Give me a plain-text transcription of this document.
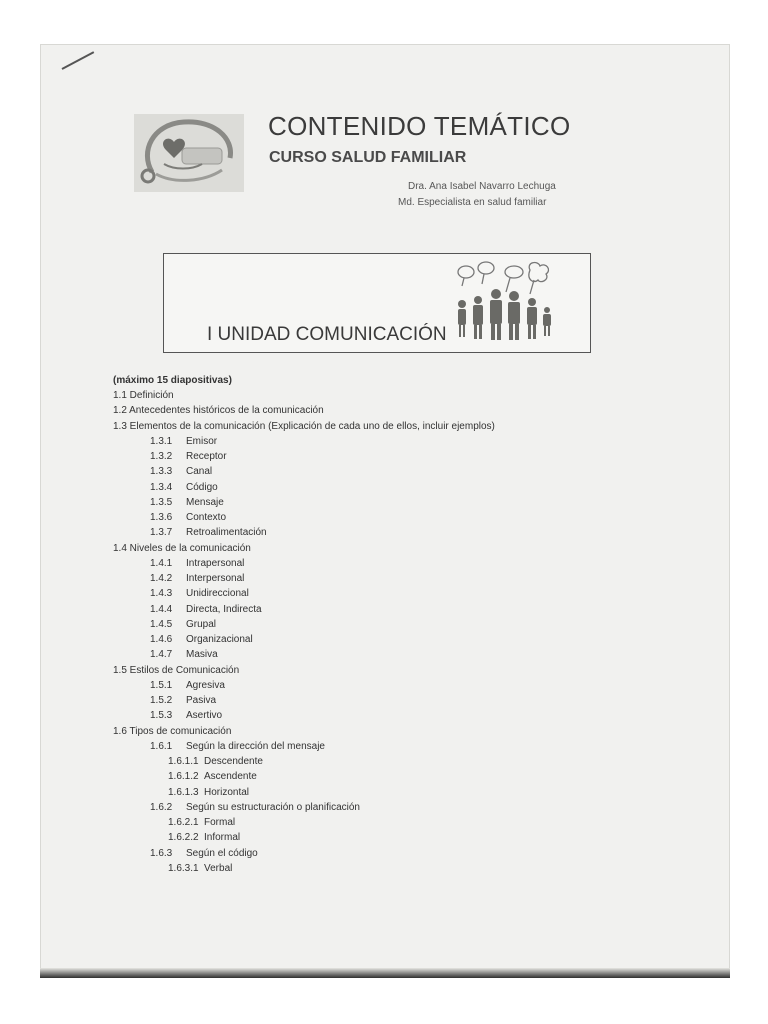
CONTENIDO TEMÁTICO
CURSO SALUD FAMILIAR
Dra. Ana Isabel Navarro Lechuga
Md. Especialista en salud familiar
I UNIDAD COMUNICACIÓN
(máximo 15 diapositivas)
1.1 Definición
1.2 Antecedentes históricos de la comunicación
1.3 Elementos de la comunicación (Explicación de cada uno de ellos, incluir ejemplos)
1.3.1 Emisor
1.3.2 Receptor
1.3.3 Canal
1.3.4 Código
1.3.5 Mensaje
1.3.6 Contexto
1.3.7 Retroalimentación
1.4 Niveles de la comunicación
1.4.1 Intrapersonal
1.4.2 Interpersonal
1.4.3 Unidireccional
1.4.4 Directa, Indirecta
1.4.5 Grupal
1.4.6 Organizacional
1.4.7 Masiva
1.5 Estilos de Comunicación
1.5.1 Agresiva
1.5.2 Pasiva
1.5.3 Asertivo
1.6 Tipos de comunicación
1.6.1 Según la dirección del mensaje
1.6.1.1 Descendente
1.6.1.2 Ascendente
1.6.1.3 Horizontal
1.6.2 Según su estructuración o planificación
1.6.2.1 Formal
1.6.2.2 Informal
1.6.3 Según el código
1.6.3.1 Verbal
